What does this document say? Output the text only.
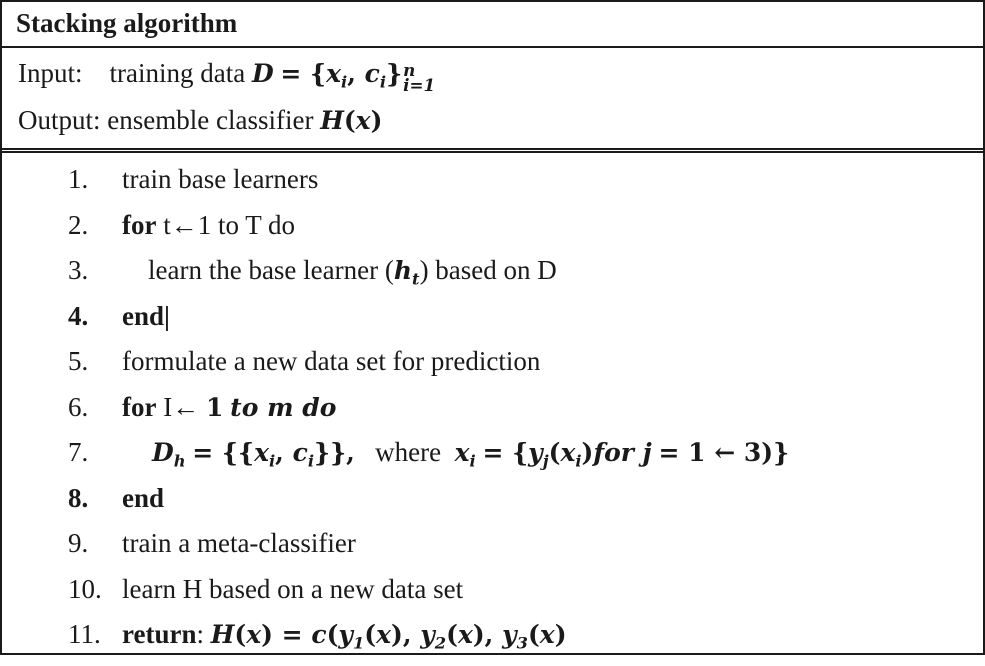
Stacking algorithm
Input: training data $D = \{x_i$, $c_i$} n
i=1
Output: ensemble classifier H(x)
1. train base learners
2. for t←1 to T do
3.	learn the base learner $(h_t)$ based on D
4. end|
5. formulate a new data set for prediction
6. for I← 1 to m do
7.	$D_h = \{\{x_i$, $c_i$}},   where  $x_i = \{y_j(x_i)for$ j = 1 ← 3)}
8. end
9. train a meta-classifier
10. learn H based on a new data set
11. return: $H(x) = c(y_1(x)$, $y_2(x)$, $y_3(x)$
